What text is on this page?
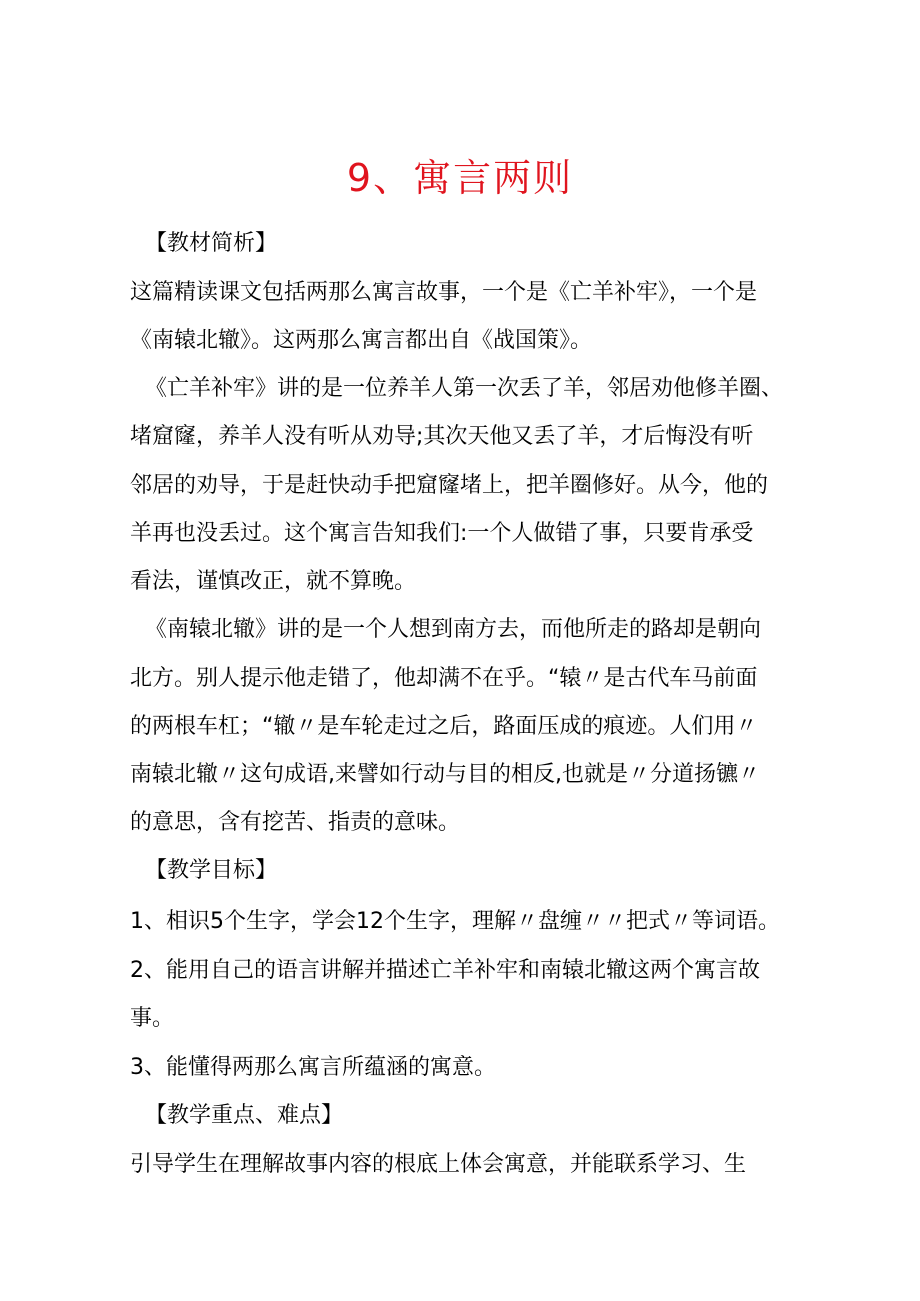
9、寓言两则
【教材简析】
这篇精读课文包括两那么寓言故事，一个是《亡羊补牢》，一个是
《南辕北辙》。这两那么寓言都出自《战国策》。
《亡羊补牢》讲的是一位养羊人第一次丢了羊，邻居劝他修羊圈、
堵窟窿，养羊人没有听从劝导;其次天他又丢了羊，才后悔没有听
邻居的劝导，于是赶快动手把窟窿堵上，把羊圈修好。从今，他的
羊再也没丢过。这个寓言告知我们:一个人做错了事，只要肯承受
看法，谨慎改正，就不算晚。
《南辕北辙》讲的是一个人想到南方去，而他所走的路却是朝向
北方。别人提示他走错了，他却满不在乎。“辕〃是古代车马前面
的两根车杠；“辙〃是车轮走过之后，路面压成的痕迹。人们用〃
南辕北辙〃这句成语,来譬如行动与目的相反,也就是〃分道扬镳〃
的意思，含有挖苦、指责的意味。
【教学目标】
1、相识5个生字，学会12个生字，理解〃盘缠〃〃把式〃等词语。
2、能用自己的语言讲解并描述亡羊补牢和南辕北辙这两个寓言故
事。
3、能懂得两那么寓言所蕴涵的寓意。
【教学重点、难点】
引导学生在理解故事内容的根底上体会寓意，并能联系学习、生
